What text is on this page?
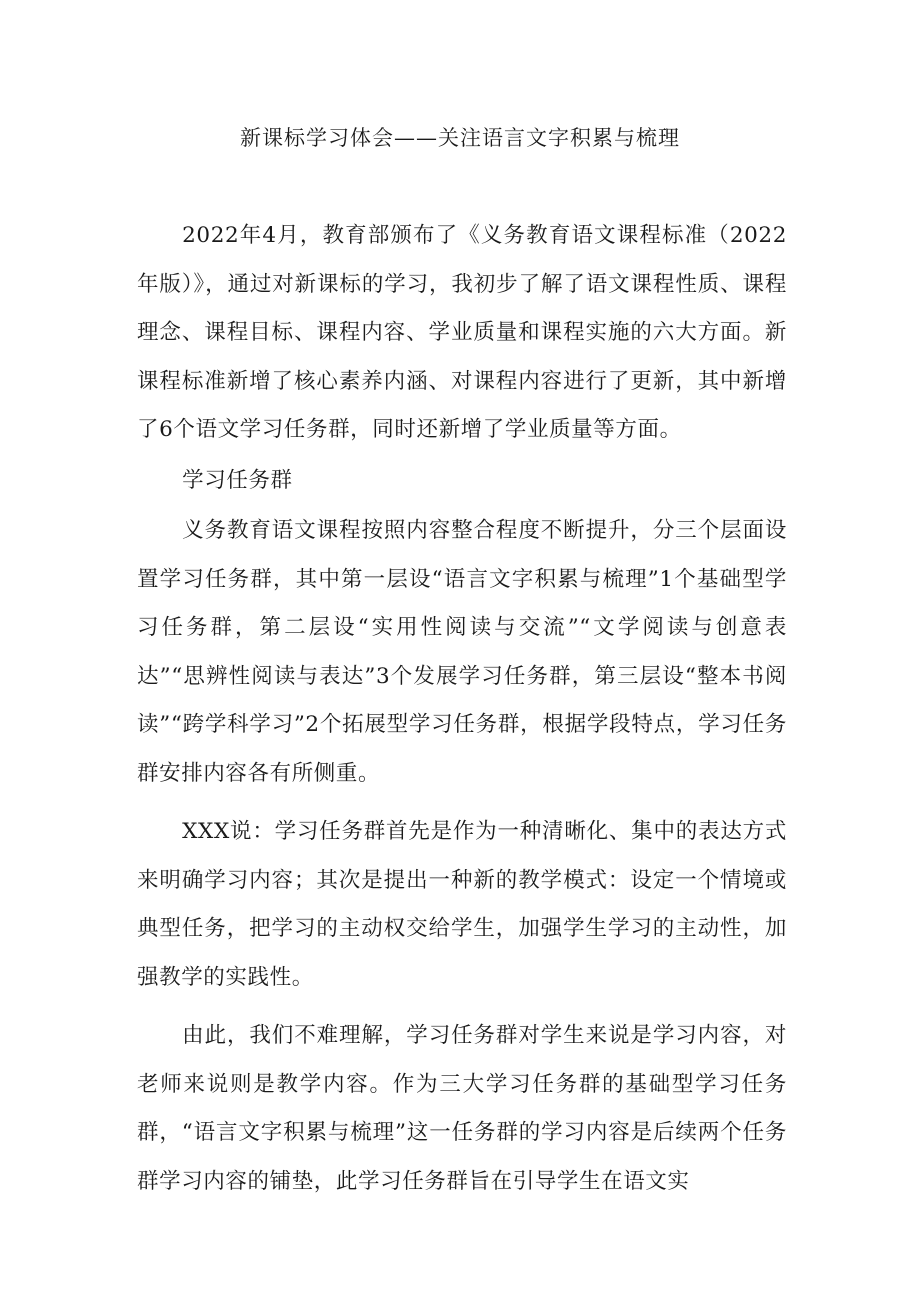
新课标学习体会——关注语言文字积累与梳理

2022年4月，教育部颁布了《义务教育语文课程标准（2022年版）》，通过对新课标的学习，我初步了解了语文课程性质、课程理念、课程目标、课程内容、学业质量和课程实施的六大方面。新课程标准新增了核心素养内涵、对课程内容进行了更新，其中新增了6个语文学习任务群，同时还新增了学业质量等方面。

学习任务群

义务教育语文课程按照内容整合程度不断提升，分三个层面设置学习任务群，其中第一层设“语言文字积累与梳理”1个基础型学习任务群，第二层设“实用性阅读与交流”“文学阅读与创意表达”“思辨性阅读与表达”3个发展学习任务群，第三层设“整本书阅读”“跨学科学习”2个拓展型学习任务群，根据学段特点，学习任务群安排内容各有所侧重。

XXX说：学习任务群首先是作为一种清晰化、集中的表达方式来明确学习内容；其次是提出一种新的教学模式：设定一个情境或典型任务，把学习的主动权交给学生，加强学生学习的主动性，加强教学的实践性。

由此，我们不难理解，学习任务群对学生来说是学习内容，对老师来说则是教学内容。作为三大学习任务群的基础型学习任务群，“语言文字积累与梳理”这一任务群的学习内容是后续两个任务群学习内容的铺垫，此学习任务群旨在引导学生在语文实
